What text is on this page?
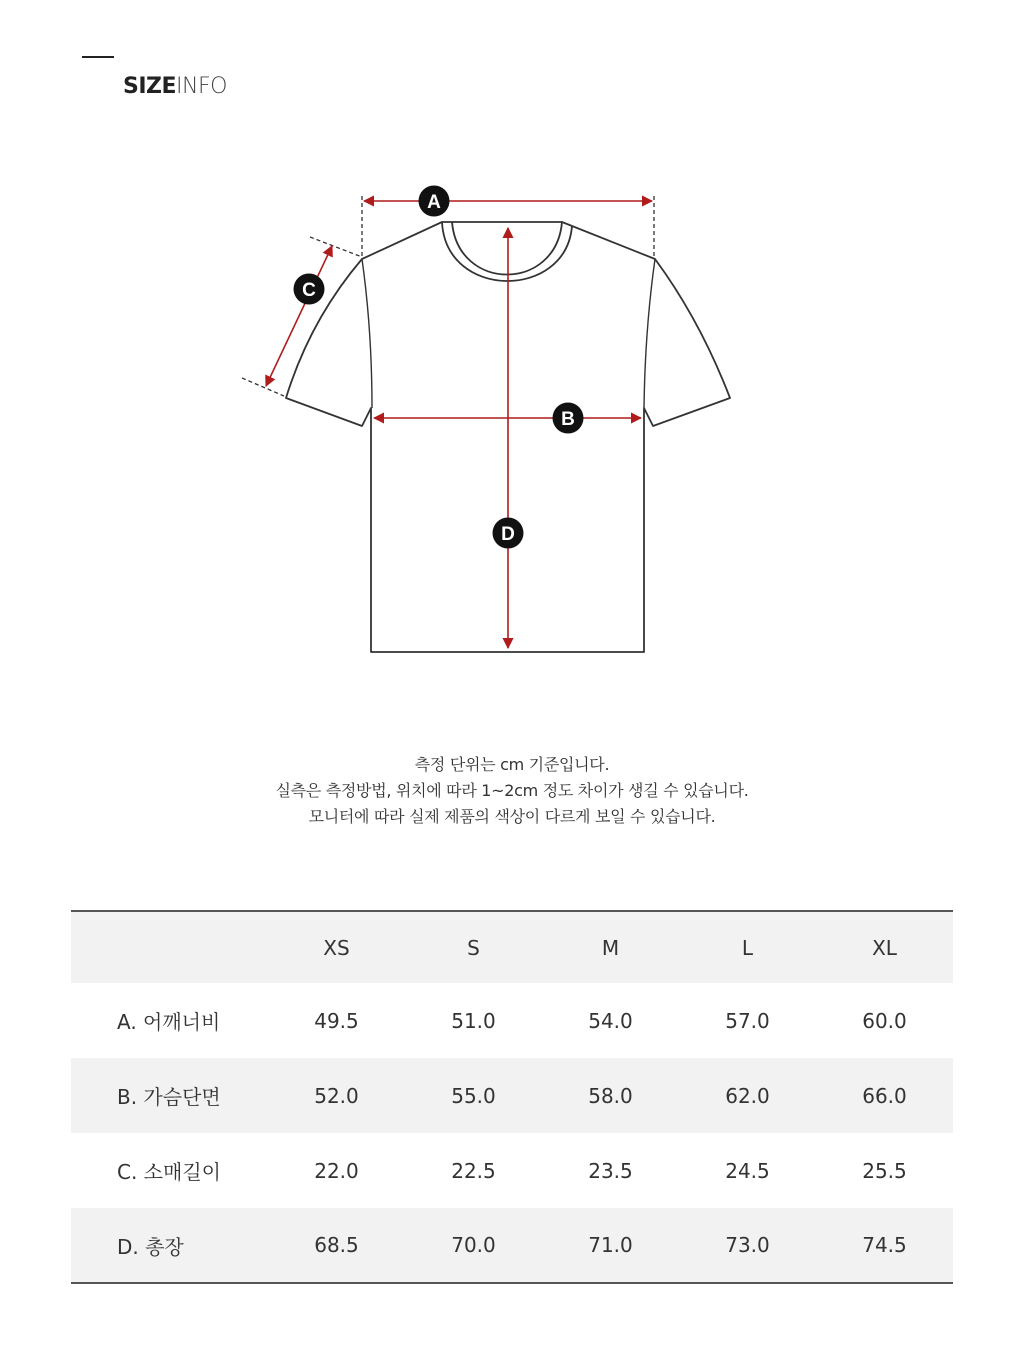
SIZEINFO
A
B
C
D
측정 단위는 cm 기준입니다.
실측은 측정방법, 위치에 따라 1~2cm 정도 차이가 생길 수 있습니다.
모니터에 따라 실제 제품의 색상이 다르게 보일 수 있습니다.
	XS	S	M	L	XL
A. 어깨너비	49.5	51.0	54.0	57.0	60.0
B. 가슴단면	52.0	55.0	58.0	62.0	66.0
C. 소매길이	22.0	22.5	23.5	24.5	25.5
D. 총장	68.5	70.0	71.0	73.0	74.5
